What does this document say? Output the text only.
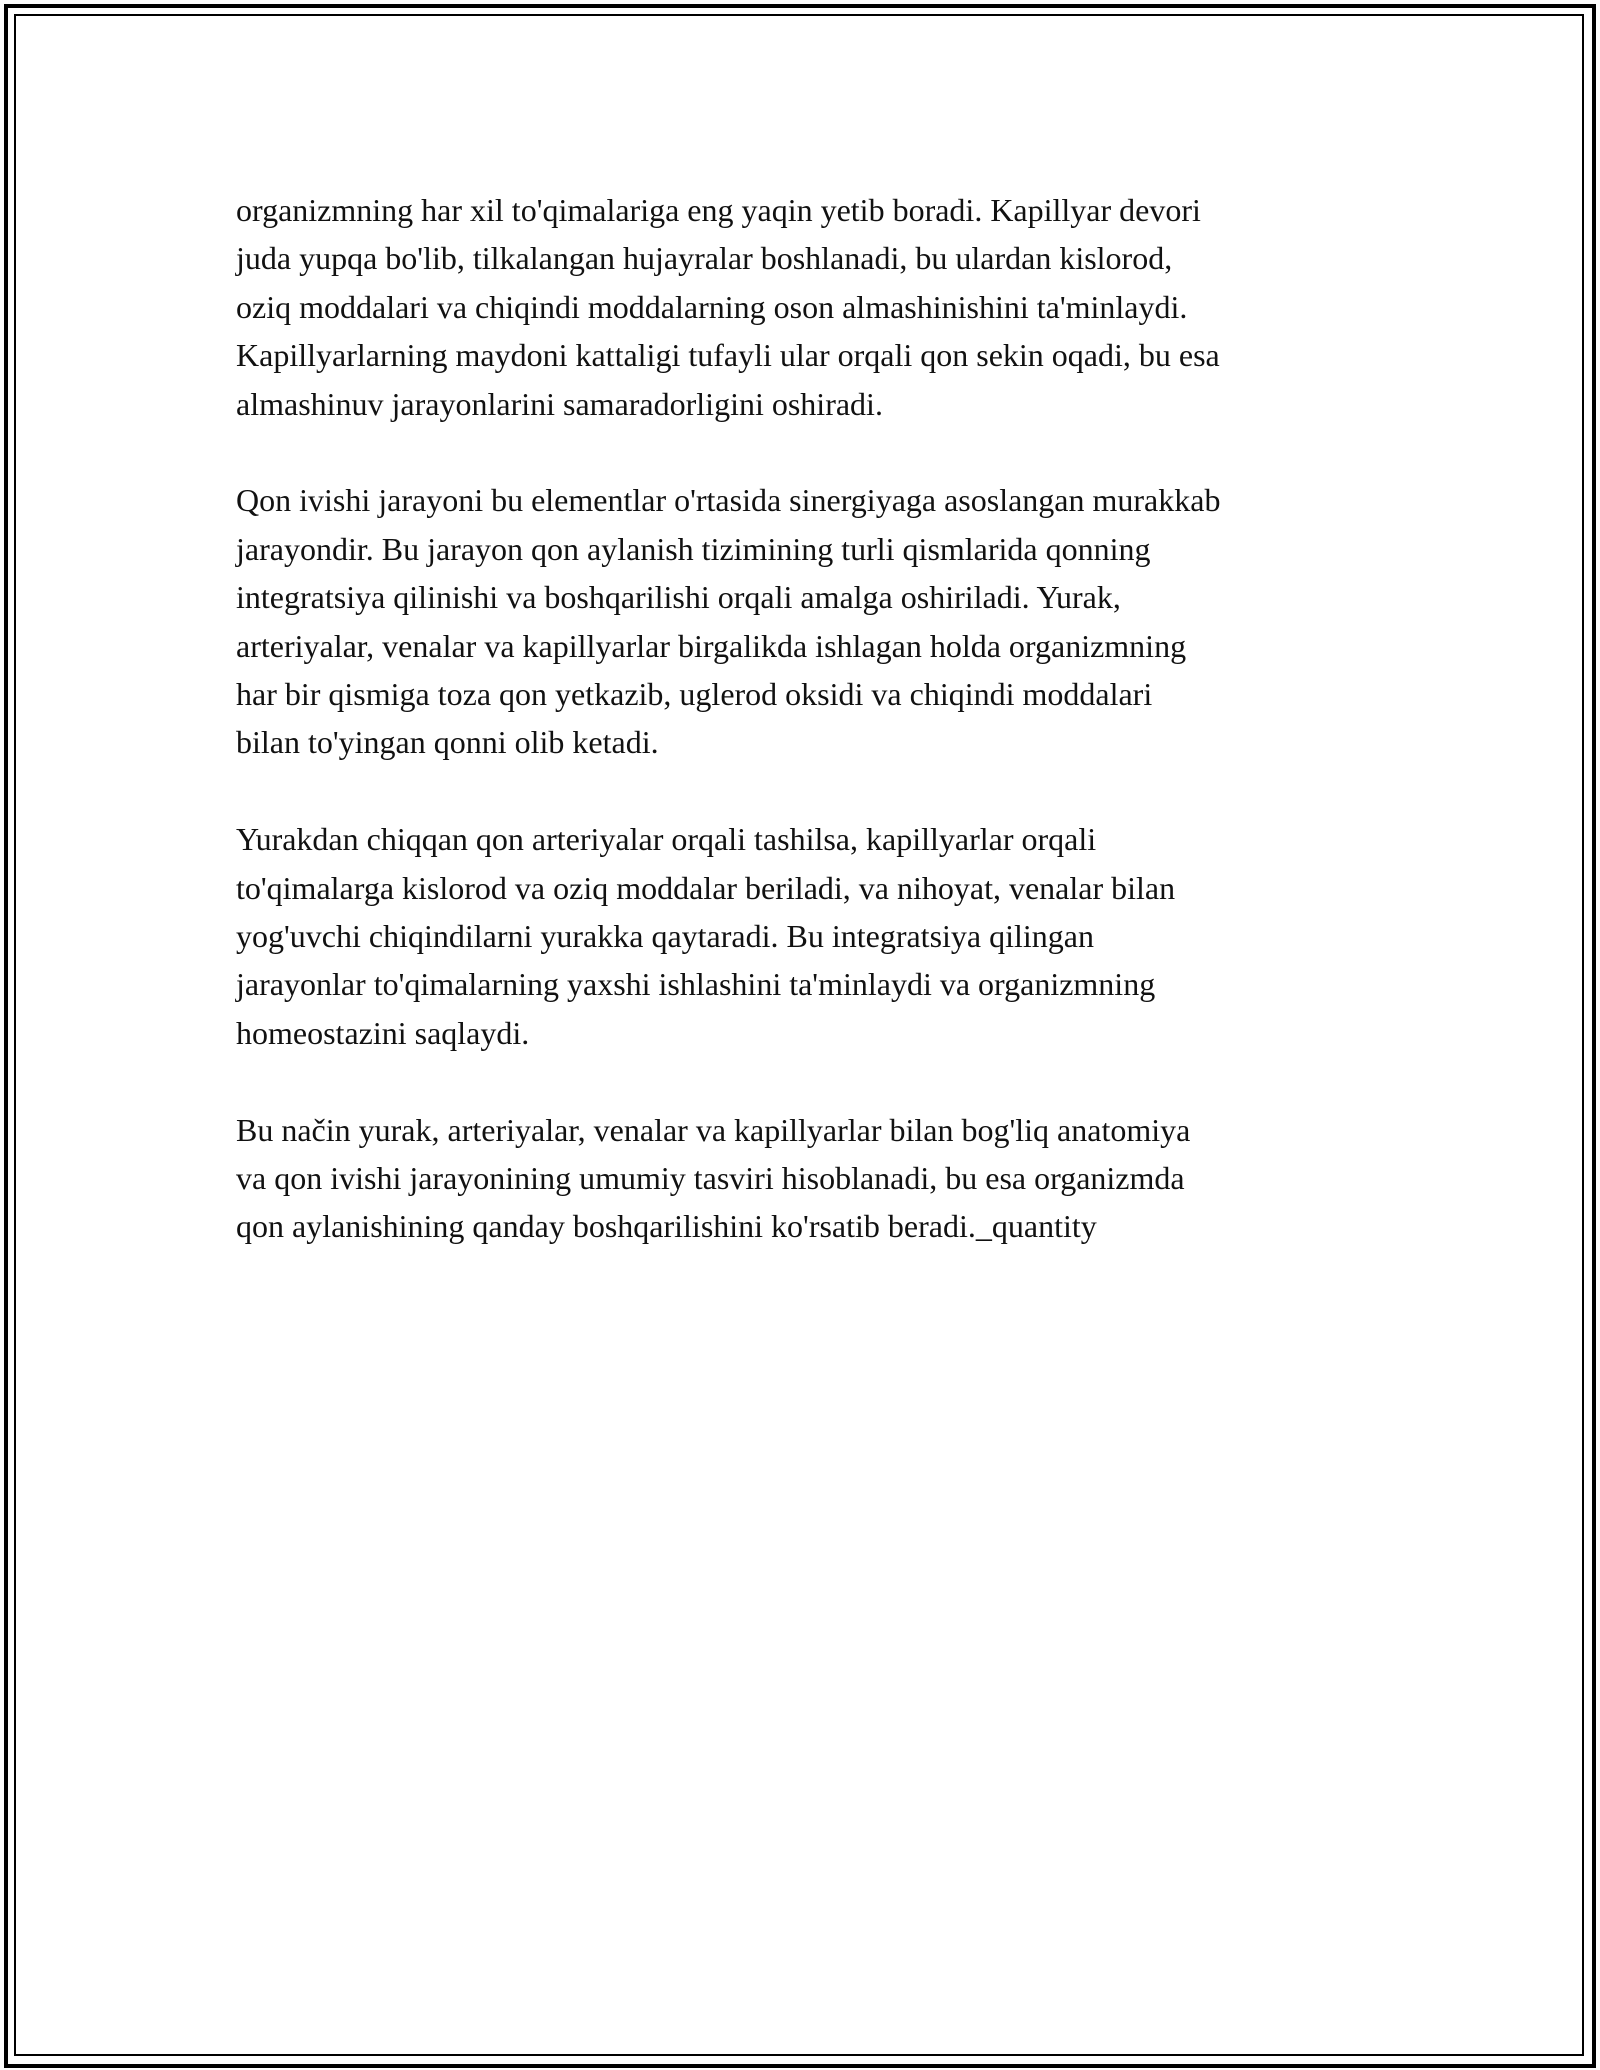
organizmning har xil to'qimalariga eng yaqin yetib boradi. Kapillyar devori
juda yupqa bo'lib, tilkalangan hujayralar boshlanadi, bu ulardan kislorod,
oziq moddalari va chiqindi moddalarning oson almashinishini ta'minlaydi.
Kapillyarlarning maydoni kattaligi tufayli ular orqali qon sekin oqadi, bu esa
almashinuv jarayonlarini samaradorligini oshiradi.

Qon ivishi jarayoni bu elementlar o'rtasida sinergiyaga asoslangan murakkab
jarayondir. Bu jarayon qon aylanish tizimining turli qismlarida qonning
integratsiya qilinishi va boshqarilishi orqali amalga oshiriladi. Yurak,
arteriyalar, venalar va kapillyarlar birgalikda ishlagan holda organizmning
har bir qismiga toza qon yetkazib, uglerod oksidi va chiqindi moddalari
bilan to'yingan qonni olib ketadi.

Yurakdan chiqqan qon arteriyalar orqali tashilsa, kapillyarlar orqali
to'qimalarga kislorod va oziq moddalar beriladi, va nihoyat, venalar bilan
yog'uvchi chiqindilarni yurakka qaytaradi. Bu integratsiya qilingan
jarayonlar to'qimalarning yaxshi ishlashini ta'minlaydi va organizmning
homeostazini saqlaydi.

Bu način yurak, arteriyalar, venalar va kapillyarlar bilan bog'liq anatomiya
va qon ivishi jarayonining umumiy tasviri hisoblanadi, bu esa organizmda
qon aylanishining qanday boshqarilishini ko'rsatib beradi._quantity
